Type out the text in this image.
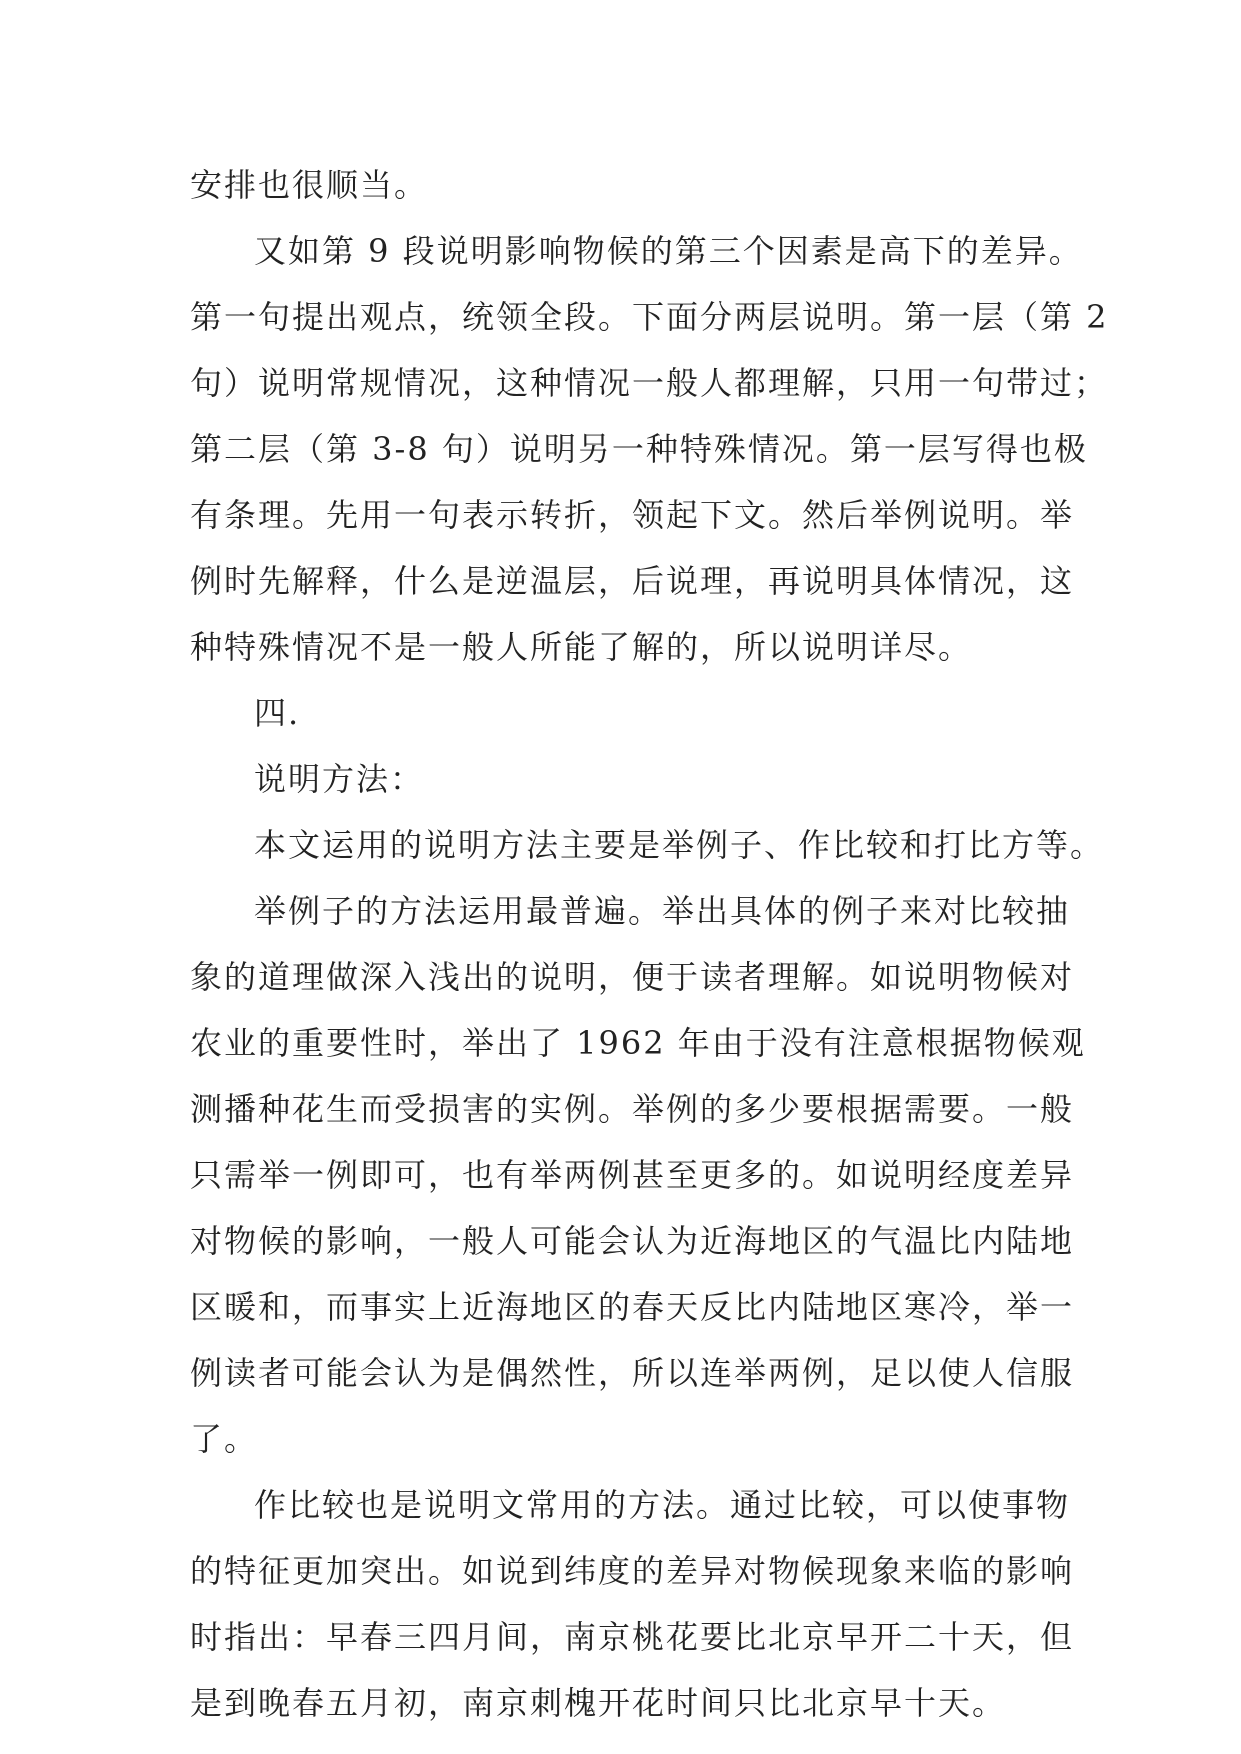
安排也很顺当。
又如第 9 段说明影响物候的第三个因素是高下的差异。
第一句提出观点，统领全段。下面分两层说明。第一层（第 2
句）说明常规情况，这种情况一般人都理解，只用一句带过；
第二层（第 3-8 句）说明另一种特殊情况。第一层写得也极
有条理。先用一句表示转折，领起下文。然后举例说明。举
例时先解释，什么是逆温层，后说理，再说明具体情况，这
种特殊情况不是一般人所能了解的，所以说明详尽。
四.
说明方法：
本文运用的说明方法主要是举例子、作比较和打比方等。
举例子的方法运用最普遍。举出具体的例子来对比较抽
象的道理做深入浅出的说明，便于读者理解。如说明物候对
农业的重要性时，举出了 1962 年由于没有注意根据物候观
测播种花生而受损害的实例。举例的多少要根据需要。一般
只需举一例即可，也有举两例甚至更多的。如说明经度差异
对物候的影响，一般人可能会认为近海地区的气温比内陆地
区暖和，而事实上近海地区的春天反比内陆地区寒冷，举一
例读者可能会认为是偶然性，所以连举两例，足以使人信服
了。
作比较也是说明文常用的方法。通过比较，可以使事物
的特征更加突出。如说到纬度的差异对物候现象来临的影响
时指出：早春三四月间，南京桃花要比北京早开二十天，但
是到晚春五月初，南京刺槐开花时间只比北京早十天。
